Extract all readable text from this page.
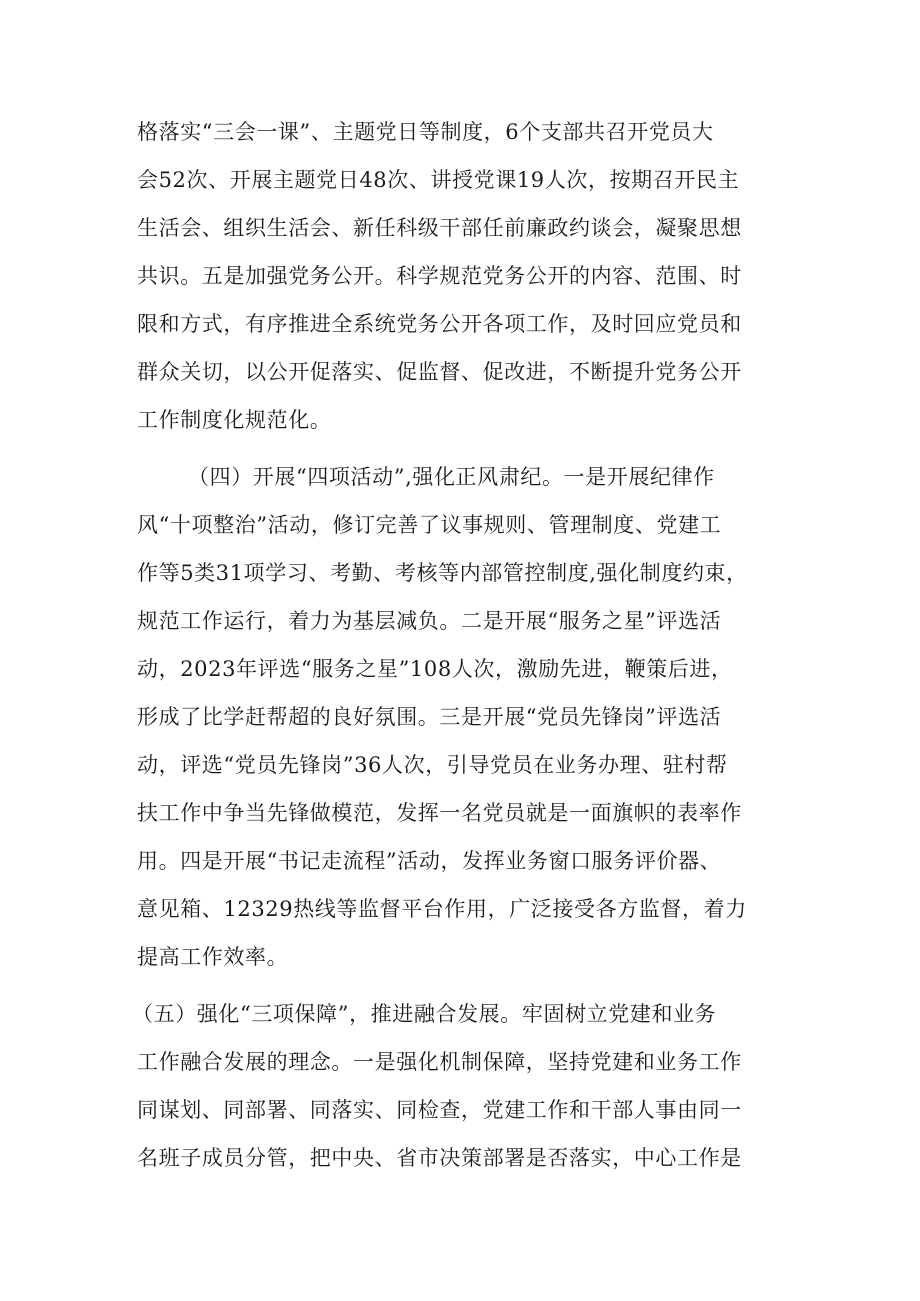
格落实“三会一课”、主题党日等制度，6个支部共召开党员大
会52次、开展主题党日48次、讲授党课19人次，按期召开民主
生活会、组织生活会、新任科级干部任前廉政约谈会，凝聚思想
共识。五是加强党务公开。科学规范党务公开的内容、范围、时
限和方式，有序推进全系统党务公开各项工作，及时回应党员和
群众关切，以公开促落实、促监督、促改进，不断提升党务公开
工作制度化规范化。
（四）开展“四项活动”,强化正风肃纪。一是开展纪律作
风“十项整治”活动，修订完善了议事规则、管理制度、党建工
作等5类31项学习、考勤、考核等内部管控制度,强化制度约束，
规范工作运行，着力为基层减负。二是开展“服务之星”评选活
动，2023年评选“服务之星”108人次，激励先进，鞭策后进，
形成了比学赶帮超的良好氛围。三是开展“党员先锋岗”评选活
动，评选“党员先锋岗”36人次，引导党员在业务办理、驻村帮
扶工作中争当先锋做模范，发挥一名党员就是一面旗帜的表率作
用。四是开展“书记走流程”活动，发挥业务窗口服务评价器、
意见箱、12329热线等监督平台作用，广泛接受各方监督，着力
提高工作效率。
（五）强化“三项保障”，推进融合发展。牢固树立党建和业务
工作融合发展的理念。一是强化机制保障，坚持党建和业务工作
同谋划、同部署、同落实、同检查，党建工作和干部人事由同一
名班子成员分管，把中央、省市决策部署是否落实，中心工作是
